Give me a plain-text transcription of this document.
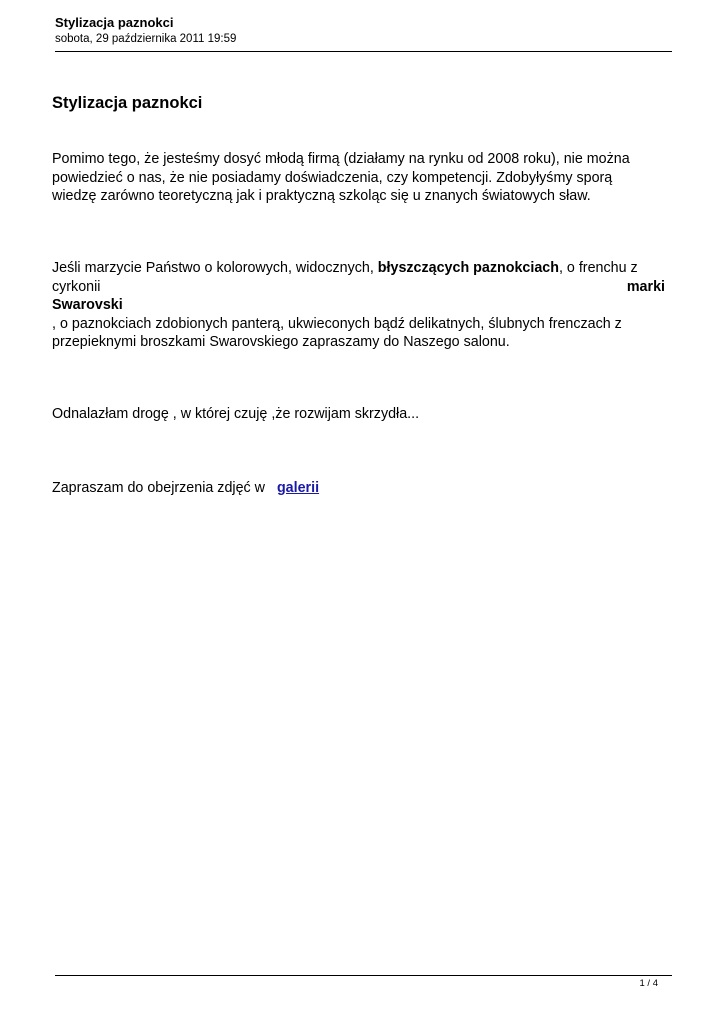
Stylizacja paznokci
sobota, 29 października 2011 19:59
Stylizacja paznokci

Pomimo tego, że jesteśmy dosyć młodą firmą (działamy na rynku od 2008 roku), nie można
powiedzieć o nas, że nie posiadamy doświadczenia, czy kompetencji. Zdobyłyśmy sporą
wiedzę zarówno teoretyczną jak i praktyczną szkoląc się u znanych światowych sław.

Jeśli marzycie Państwo o kolorowych, widocznych, błyszczących paznokciach, o frenchu z
cyrkonii	marki
Swarovski
, o paznokciach zdobionych panterą, ukwieconych bądź delikatnych, ślubnych frenczach z
przepieknymi broszkami Swarovskiego zapraszamy do Naszego salonu.

Odnalazłam drogę , w której czuję ,że rozwijam skrzydła...

Zapraszam do obejrzenia zdjęć w galerii

1 / 4
